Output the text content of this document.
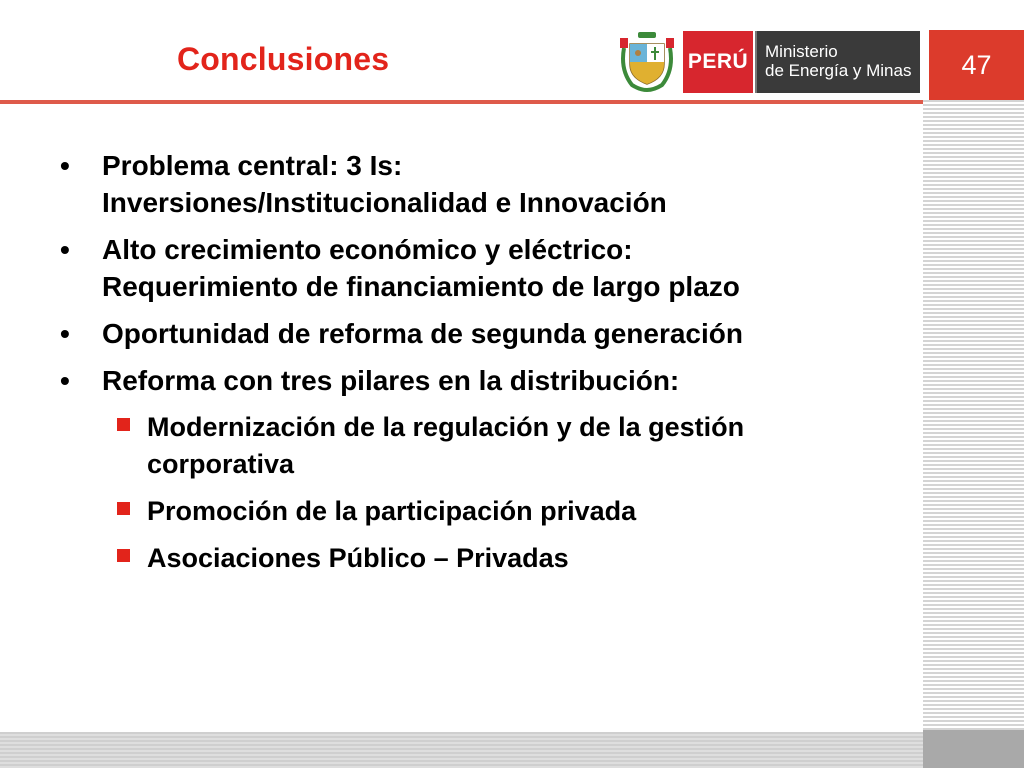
Conclusiones	PERÚ Ministerio
de Energía y Minas	47
• Problema central: 3 Is:
Inversiones/Institucionalidad e Innovación
• Alto crecimiento económico y eléctrico:
Requerimiento de financiamiento de largo plazo
• Oportunidad de reforma de segunda generación
• Reforma con tres pilares en la distribución:
Modernización de la regulación y de la gestión
corporativa
Promoción de la participación privada
Asociaciones Público – Privadas
